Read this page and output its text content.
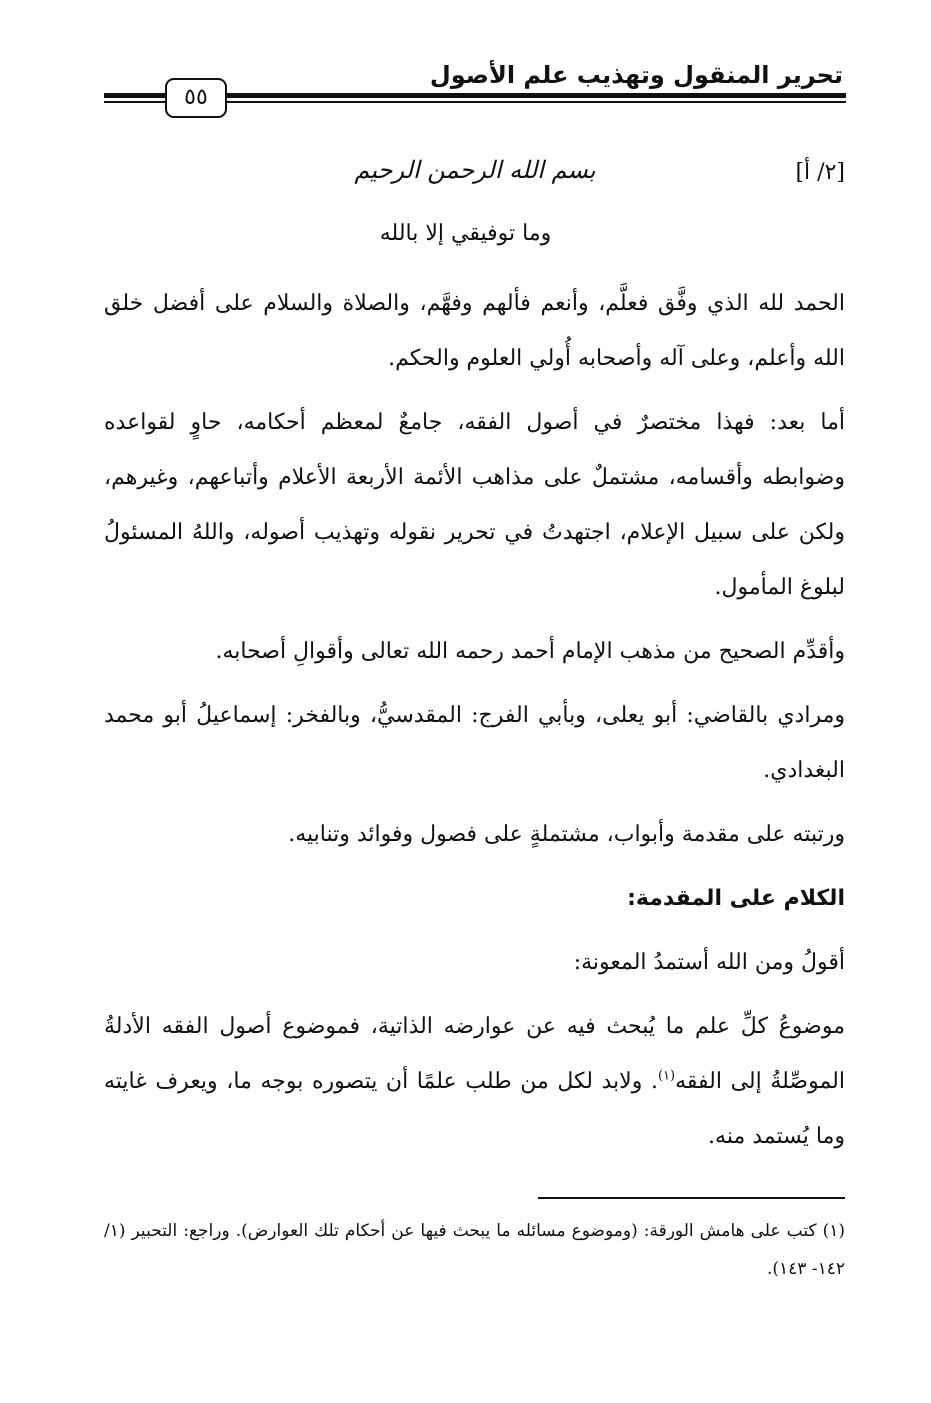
تحرير المنقول وتهذيب علم الأصول
٥٥
[٢/ أ]
بسم الله الرحمن الرحيم
وما توفيقي إلا بالله

الحمد لله الذي وفَّق فعلَّم، وأنعم فألهم وفهَّم، والصلاة والسلام على أفضل خلق الله وأعلم، وعلى آله وأصحابه أُولي العلوم والحكم.

أما بعد: فهذا مختصرٌ في أصول الفقه، جامعٌ لمعظم أحكامه، حاوٍ لقواعده وضوابطه وأقسامه، مشتملٌ على مذاهب الأئمة الأربعة الأعلام وأتباعهم، وغيرهم، ولكن على سبيل الإعلام، اجتهدتُ في تحرير نقوله وتهذيب أصوله، واللهُ المسئولُ لبلوغ المأمول.

وأقدِّم الصحيح من مذهب الإمام أحمد رحمه الله تعالى وأقوالِ أصحابه.

ومرادي بالقاضي: أبو يعلى، وبأبي الفرج: المقدسيُّ، وبالفخر: إسماعيلُ أبو محمد البغدادي.

ورتبته على مقدمة وأبواب، مشتملةٍ على فصول وفوائد وتنابيه.

الكلام على المقدمة:

أقولُ ومن الله أستمدُ المعونة:

موضوعُ كلِّ علم ما يُبحث فيه عن عوارضه الذاتية، فموضوع أصول الفقه الأدلةُ الموصِّلةُ إلى الفقه$^{(١)}$. ولابد لكل من طلب علمًا أن يتصوره بوجه ما، ويعرف غايته وما يُستمد منه.

(١) كتب على هامش الورقة: (وموضوع مسائله ما يبحث فيها عن أحكام تلك العوارض). وراجع: التحبير (١/ ١٤٢- ١٤٣).
